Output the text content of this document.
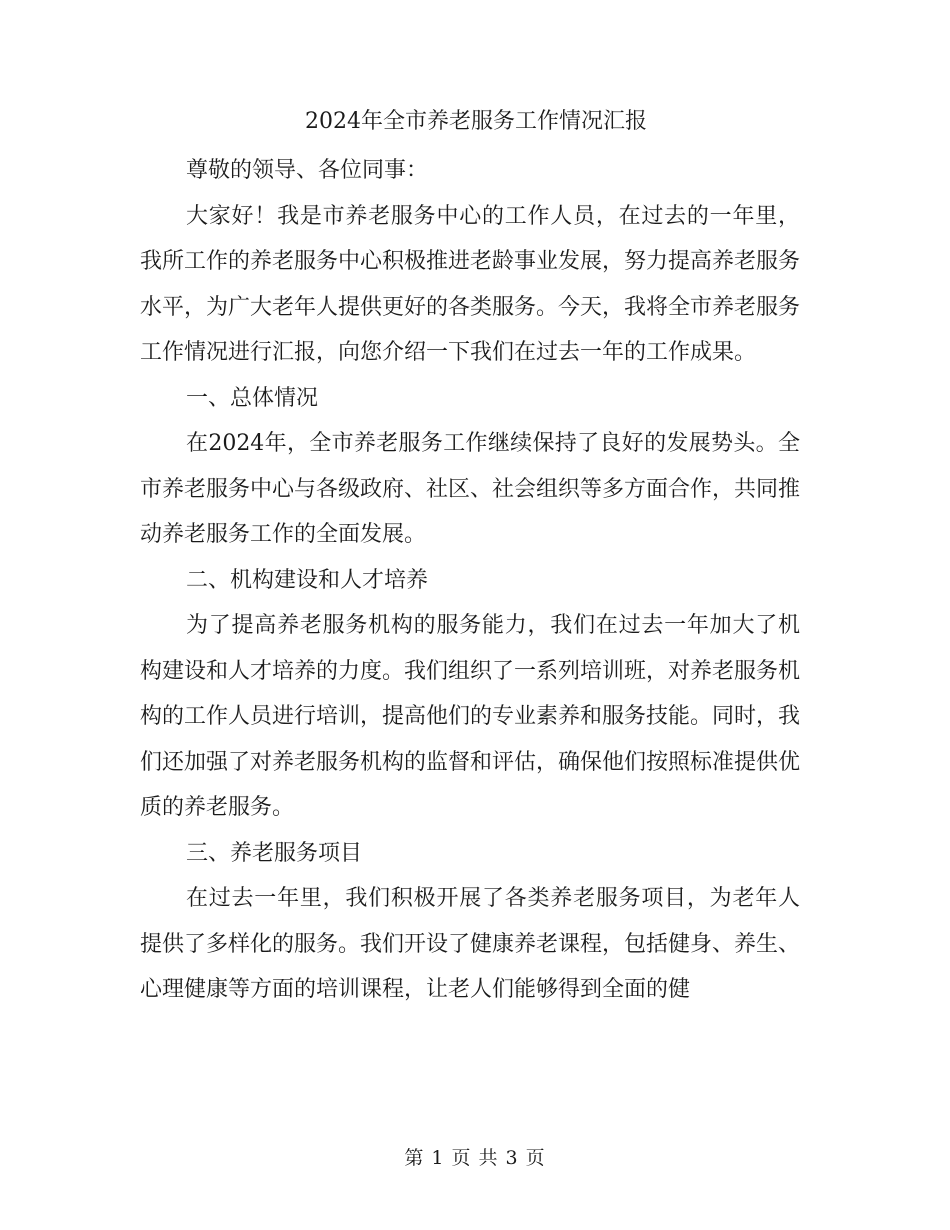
2024年全市养老服务工作情况汇报

尊敬的领导、各位同事：

大家好！我是市养老服务中心的工作人员，在过去的一年里，我所工作的养老服务中心积极推进老龄事业发展，努力提高养老服务水平，为广大老年人提供更好的各类服务。今天，我将全市养老服务工作情况进行汇报，向您介绍一下我们在过去一年的工作成果。

一、总体情况

在2024年，全市养老服务工作继续保持了良好的发展势头。全市养老服务中心与各级政府、社区、社会组织等多方面合作，共同推动养老服务工作的全面发展。

二、机构建设和人才培养

为了提高养老服务机构的服务能力，我们在过去一年加大了机构建设和人才培养的力度。我们组织了一系列培训班，对养老服务机构的工作人员进行培训，提高他们的专业素养和服务技能。同时，我们还加强了对养老服务机构的监督和评估，确保他们按照标准提供优质的养老服务。

三、养老服务项目

在过去一年里，我们积极开展了各类养老服务项目，为老年人提供了多样化的服务。我们开设了健康养老课程，包括健身、养生、心理健康等方面的培训课程，让老人们能够得到全面的健

第 1 页 共 3 页
